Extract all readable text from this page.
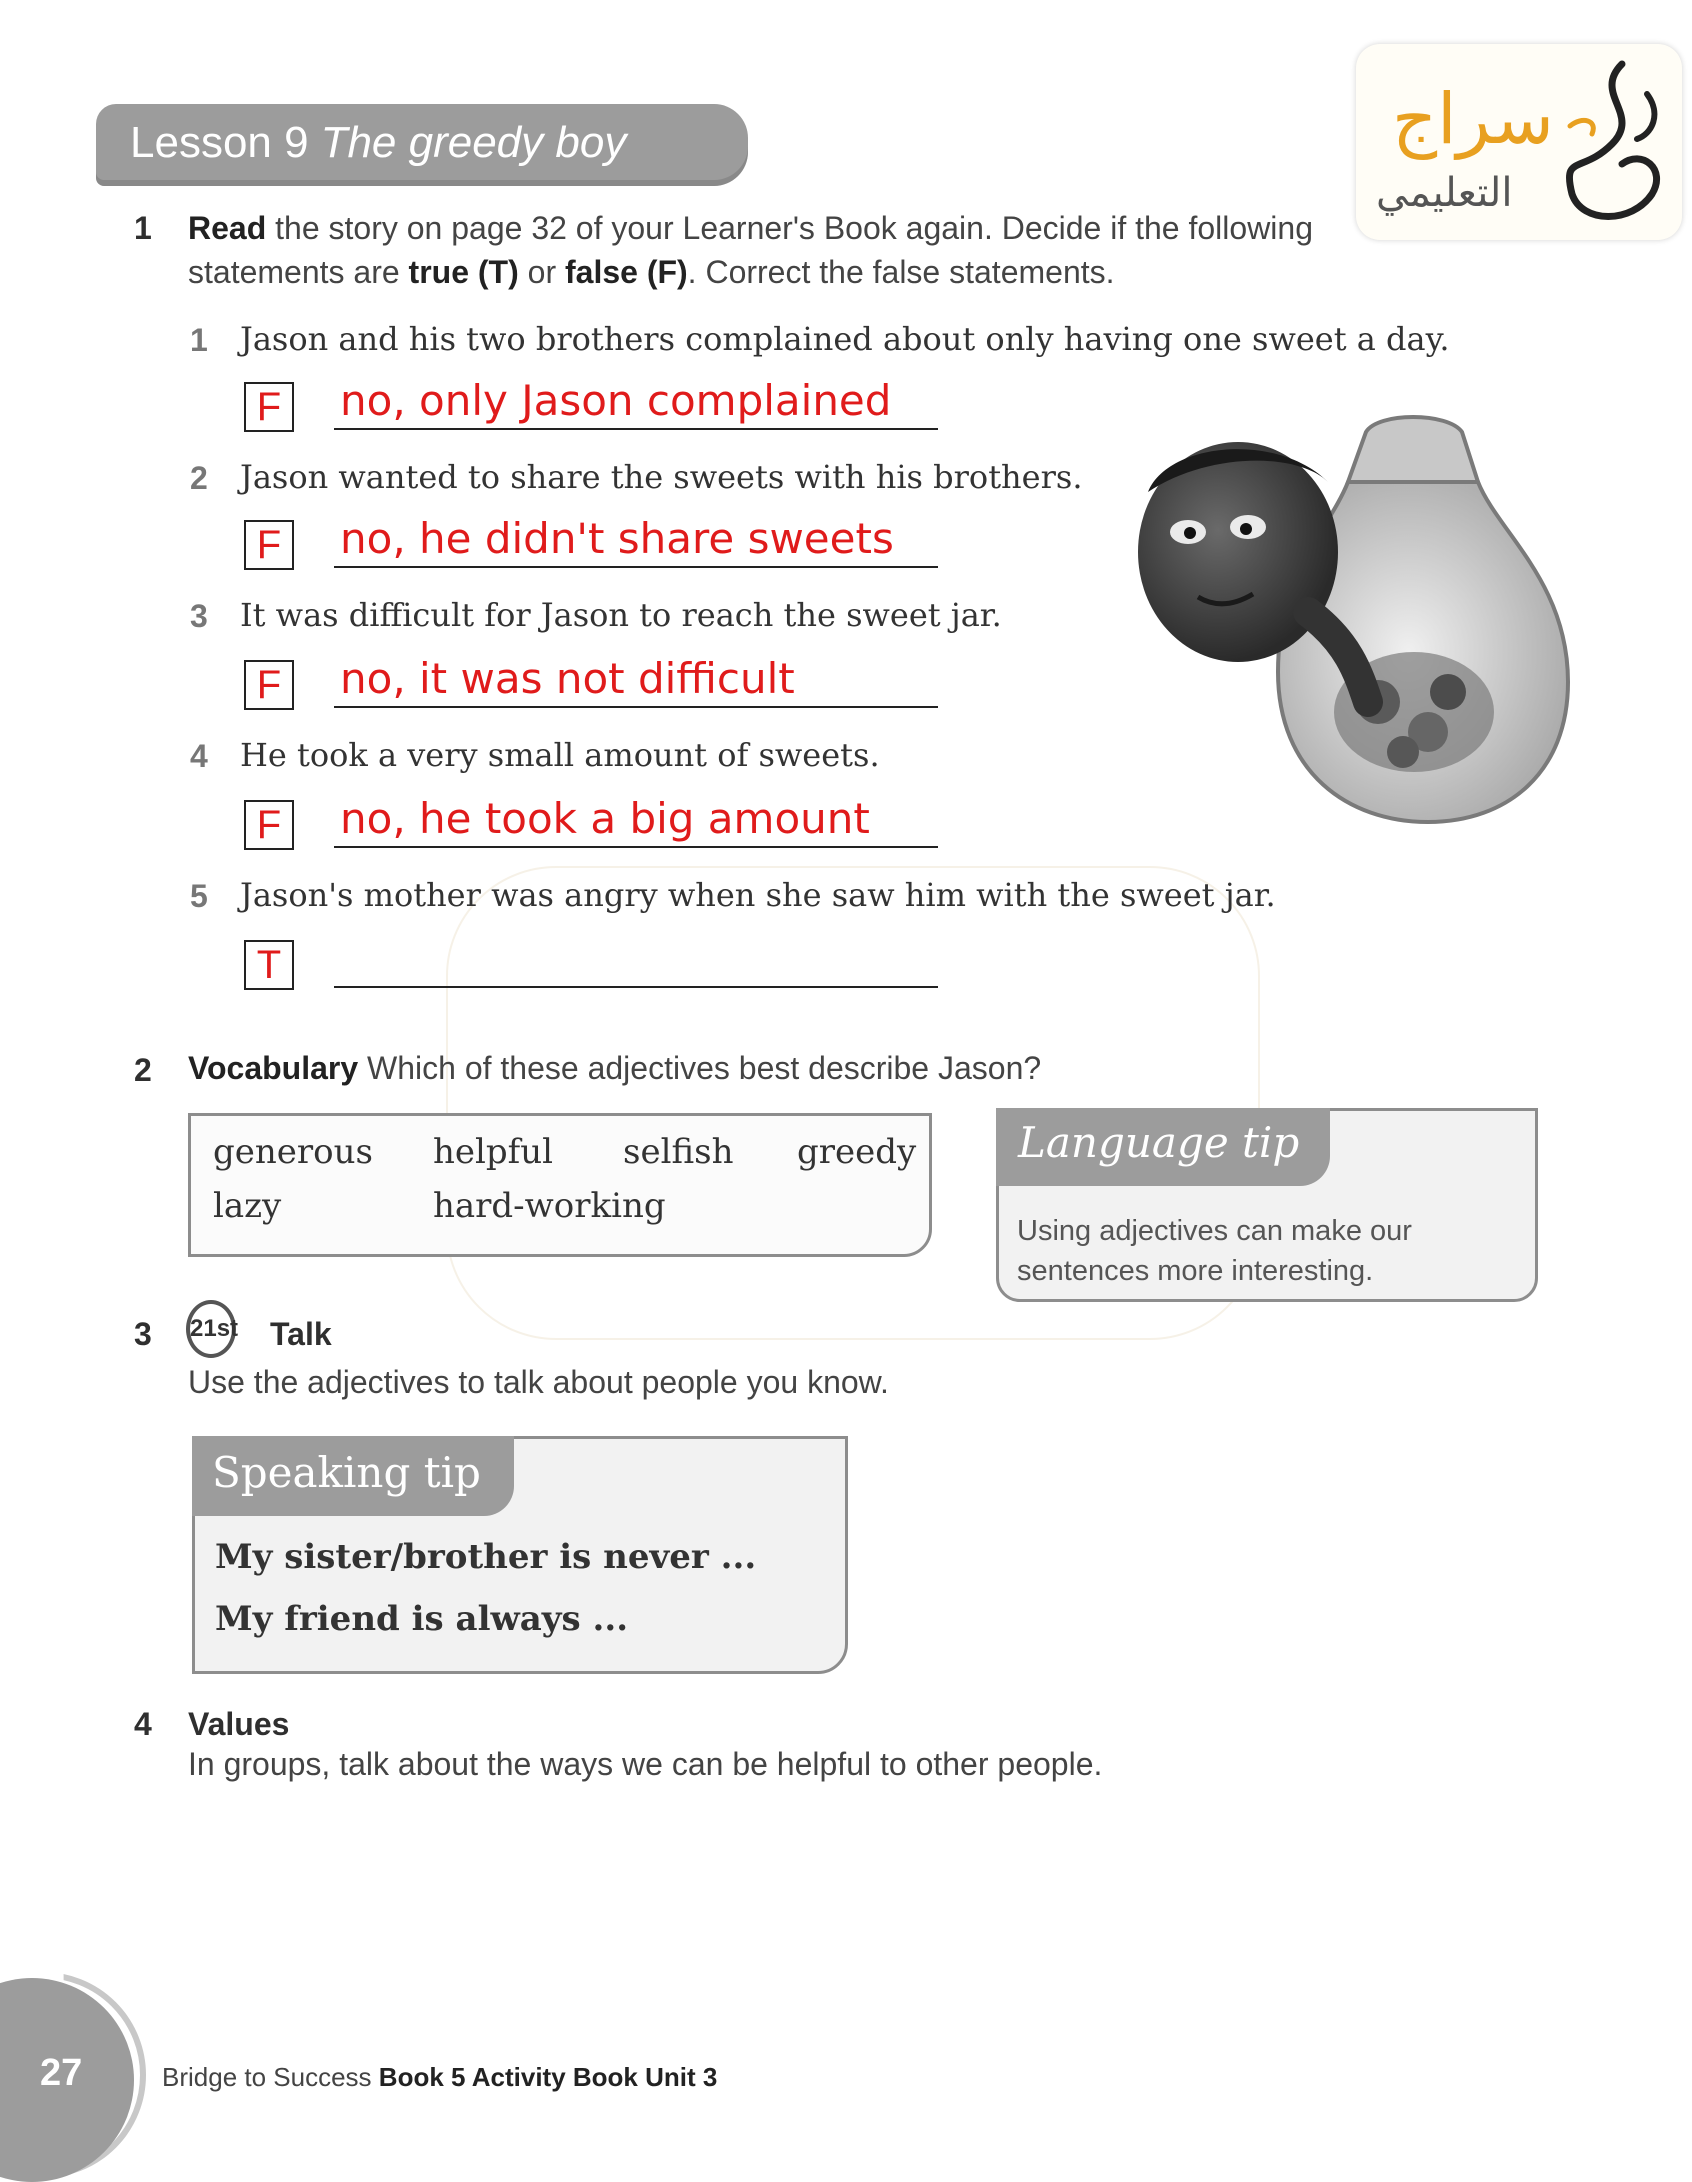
Lesson 9 The greedy boy	سراج
التعليمي
1 Read the story on page 32 of your Learner's Book again. Decide if the following
statements are true (T) or false (F). Correct the false statements.
1 Jason and his two brothers complained about only having one sweet a day.
F	no, only Jason complained
2 Jason wanted to share the sweets with his brothers.
F	no, he didn't share sweets
3 It was difficult for Jason to reach the sweet jar.
F	no, it was not difficult
4 He took a very small amount of sweets.
F	no, he took a big amount
5 Jason's mother was angry when she saw him with the sweet jar.
T
2 Vocabulary Which of these adjectives best describe Jason?
generous helpful selfish greedy
lazy	hard-working
Using adjectives can make our
sentences more interesting.
Language tip
3 21st Talk
Use the adjectives to talk about people you know.
My sister/brother is never ...
My friend is always ...
Speaking tip
4 Values
In groups, talk about the ways we can be helpful to other people.
27	Bridge to Success Book 5 Activity Book Unit 3
